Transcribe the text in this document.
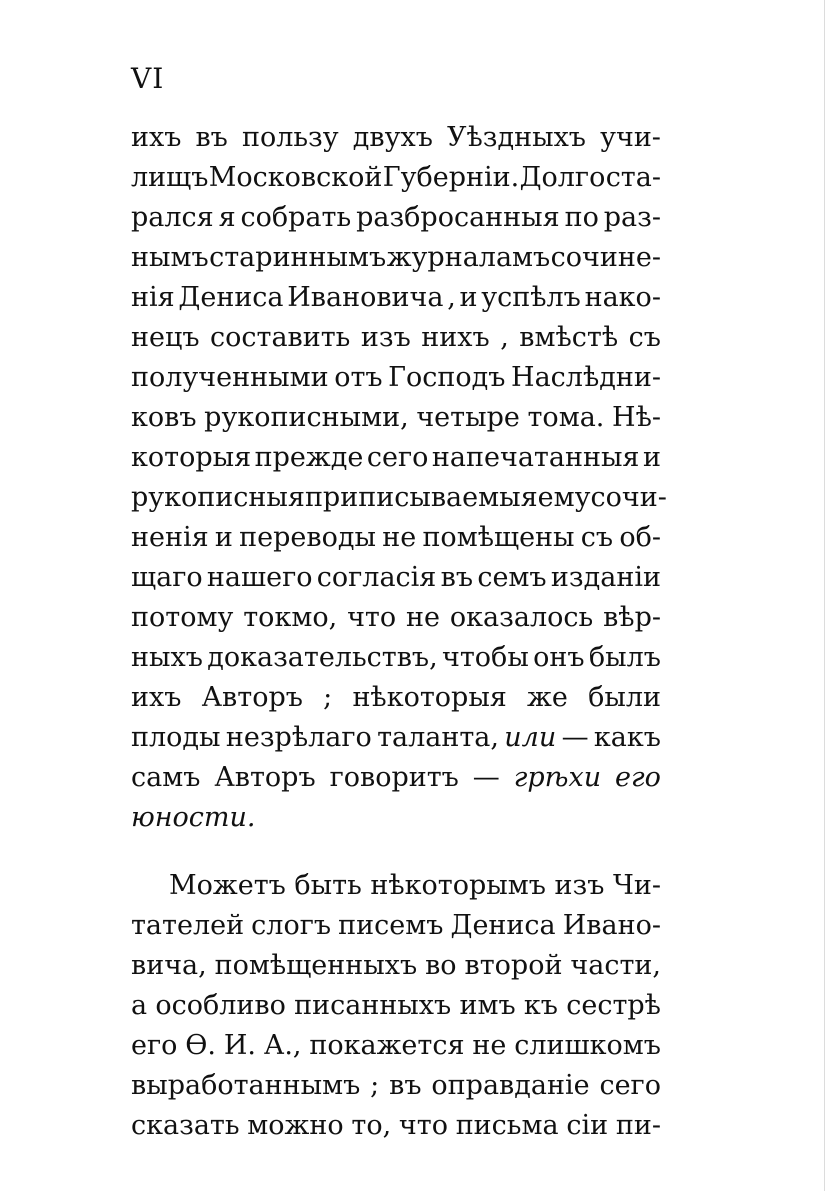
VI
ихъ въ пользу двухъ Уѣздныхъ учи-
лищъ Московской Губерніи. Долго ста-
рался я собрать разбросанныя по раз-
нымъ стариннымъ журналамъ сочине-
нія Дениса Ивановича , и успѣлъ нако-
нецъ составить изъ нихъ , вмѣстѣ съ
полученными отъ Господъ Наслѣдни-
ковъ рукописными, четыре тома. Нѣ-
которыя прежде сего напечатанныя и
рукописныя приписываемыя ему сочи-
ненія и переводы не помѣщены съ об-
щаго нашего согласія въ семъ изданіи
потому токмо, что не оказалось вѣр-
ныхъ доказательствъ, чтобы онъ былъ
ихъ Авторъ ; нѣкоторыя же были
плоды незрѣлаго таланта, или — какъ
самъ Авторъ говоритъ — грѣхи его
юности.
Можетъ быть нѣкоторымъ изъ Чи-
тателей слогъ писемъ Дениса Ивано-
вича, помѣщенныхъ во второй части,
а особливо писанныхъ имъ къ сестрѣ
его Ѳ. И. А., покажется не слишкомъ
выработаннымъ ; въ оправданіе сего
сказать можно то, что письма сіи пи-
